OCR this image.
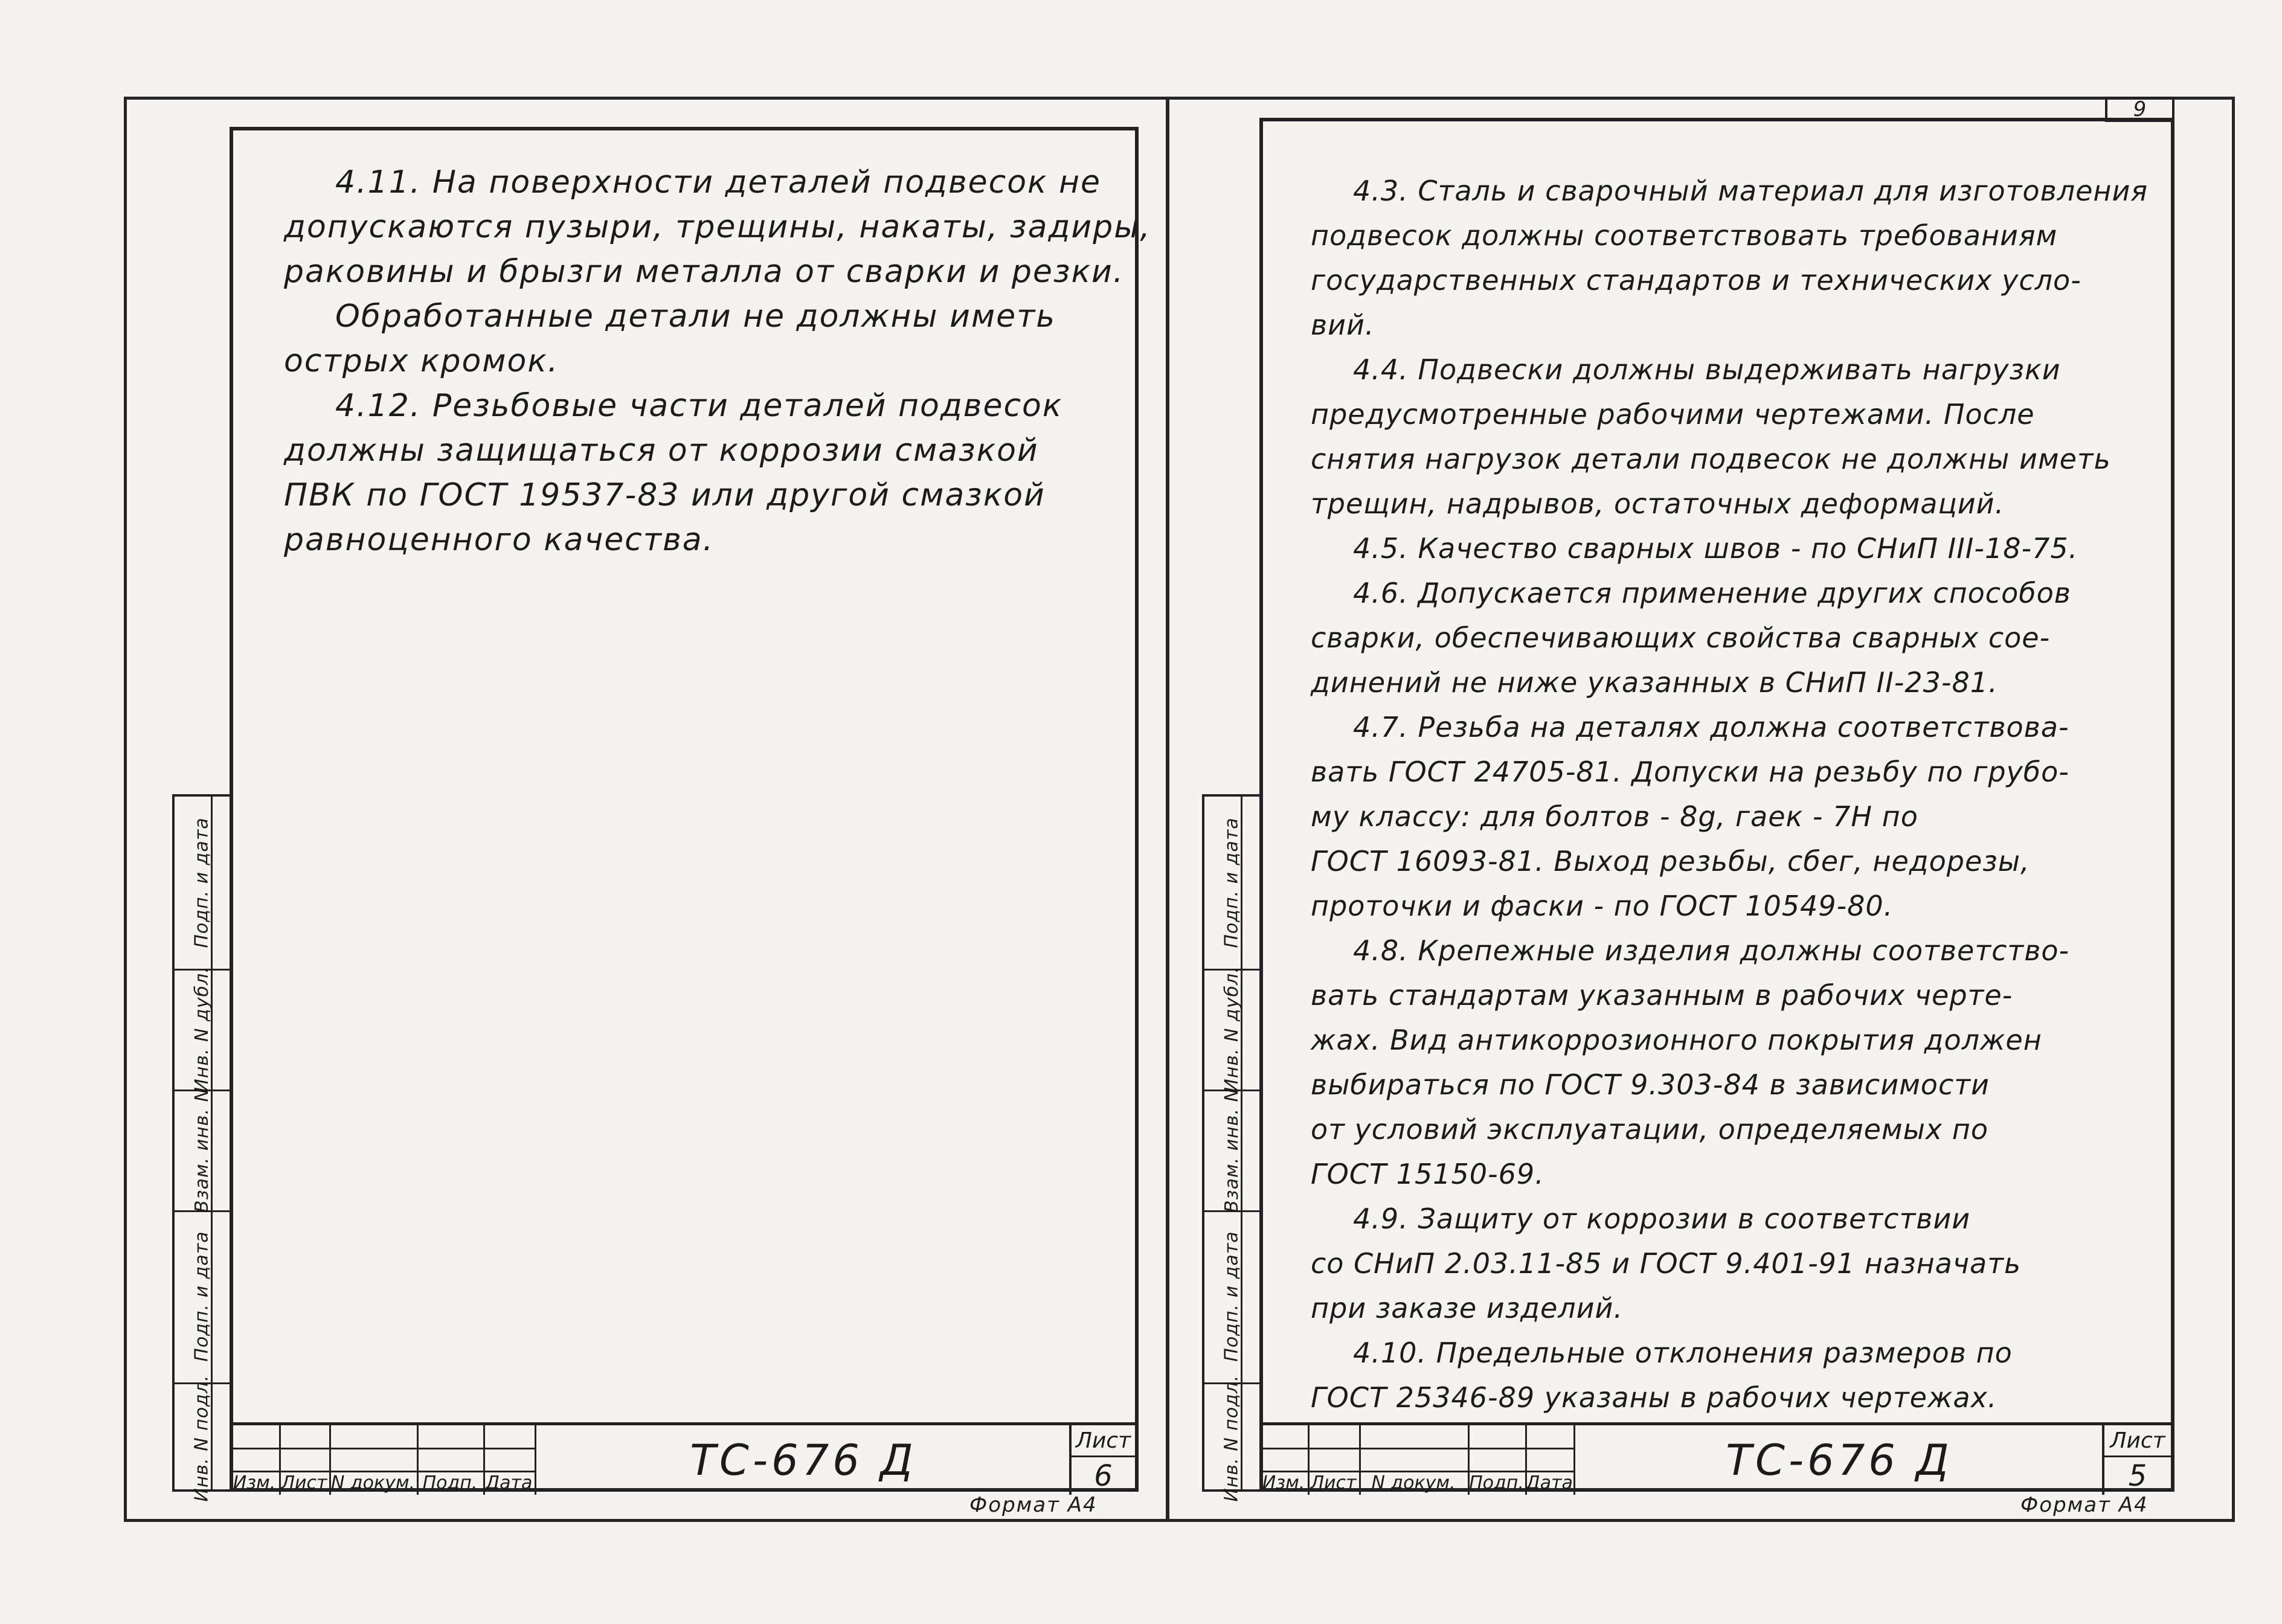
4.11. На поверхности деталей подвесок не
допускаются пузыри, трещины, накаты, задиры,
раковины и брызги металла от сварки и резки.
Обработанные детали не должны иметь
острых кромок.
4.12. Резьбовые части деталей подвесок
должны защищаться от коррозии смазкой
ПВК по ГОСТ 19537-83 или другой смазкой
равноценного качества.
Подп. и дата
Инв. N дубл.
Взам. инв. N
Подп. и дата
Инв. N подл. Изм. Лист N докум. Подп. Дата	ТС-676 Д	Лист
6
Формат А4
9
4.3. Сталь и сварочный материал для изготовления
подвесок должны соответствовать требованиям
государственных стандартов и технических усло-
вий.
4.4. Подвески должны выдерживать нагрузки
предусмотренные рабочими чертежами. После
снятия нагрузок детали подвесок не должны иметь
трещин, надрывов, остаточных деформаций.
4.5. Качество сварных швов - по СНиП III-18-75.
4.6. Допускается применение других способов
сварки, обеспечивающих свойства сварных сое-
динений не ниже указанных в СНиП II-23-81.
4.7. Резьба на деталях должна соответствова-
вать ГОСТ 24705-81. Допуски на резьбу по грубо-
му классу: для болтов - 8g, гаек - 7Н по
ГОСТ 16093-81. Выход резьбы, сбег, недорезы,
проточки и фаски - по ГОСТ 10549-80.
4.8. Крепежные изделия должны соответство-
вать стандартам указанным в рабочих черте-
жах. Вид антикоррозионного покрытия должен
выбираться по ГОСТ 9.303-84 в зависимости
от условий эксплуатации, определяемых по
ГОСТ 15150-69.
4.9. Защиту от коррозии в соответствии
со СНиП 2.03.11-85 и ГОСТ 9.401-91 назначать
при заказе изделий.
4.10. Предельные отклонения размеров по
ГОСТ 25346-89 указаны в рабочих чертежах.
Подп. и дата
Инв. N дубл.
Взам. инв. N
Подп. и дата
Инв. N подл. Изм. Лист N докум. Подп. Дата	ТС-676 Д	Лист
5
Формат А4
